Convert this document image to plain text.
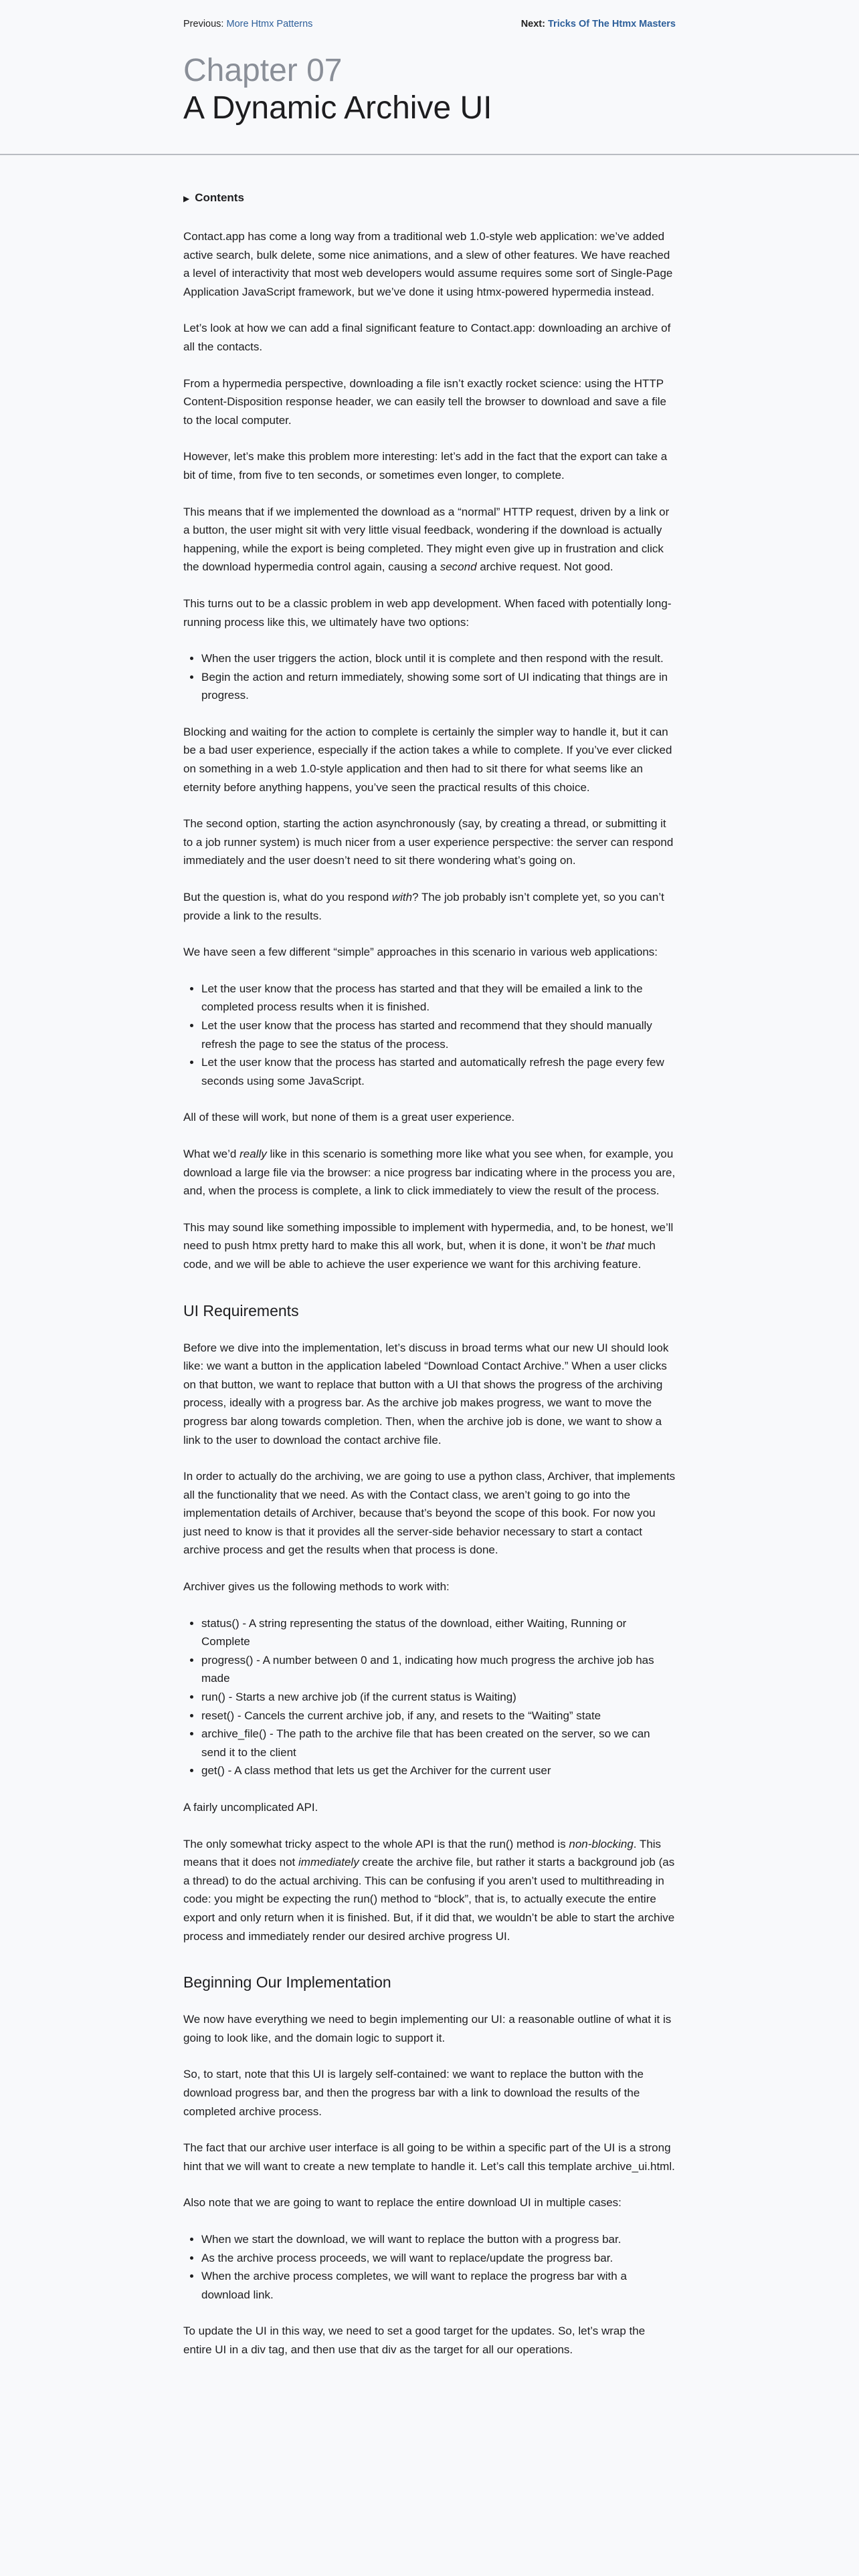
Previous: More Htmx Patterns	Next: Tricks Of The Htmx Masters
Chapter 07
A Dynamic Archive UI
▶ Contents

Contact.app has come a long way from a traditional web 1.0-style web application: we’ve added active search, bulk delete, some nice animations, and a slew of other features. We have reached a level of interactivity that most web developers would assume requires some sort of Single-Page Application JavaScript framework, but we’ve done it using htmx-powered hypermedia instead.

Let’s look at how we can add a final significant feature to Contact.app: downloading an archive of all the contacts.

From a hypermedia perspective, downloading a file isn’t exactly rocket science: using the HTTP Content-Disposition response header, we can easily tell the browser to download and save a file to the local computer.

However, let’s make this problem more interesting: let’s add in the fact that the export can take a bit of time, from five to ten seconds, or sometimes even longer, to complete.

This means that if we implemented the download as a “normal” HTTP request, driven by a link or a button, the user might sit with very little visual feedback, wondering if the download is actually happening, while the export is being completed. They might even give up in frustration and click the download hypermedia control again, causing a second archive request. Not good.

This turns out to be a classic problem in web app development. When faced with potentially long-running process like this, we ultimately have two options:

• When the user triggers the action, block until it is complete and then respond with the result.
• Begin the action and return immediately, showing some sort of UI indicating that things are in progress.

Blocking and waiting for the action to complete is certainly the simpler way to handle it, but it can be a bad user experience, especially if the action takes a while to complete. If you’ve ever clicked on something in a web 1.0-style application and then had to sit there for what seems like an eternity before anything happens, you’ve seen the practical results of this choice.

The second option, starting the action asynchronously (say, by creating a thread, or submitting it to a job runner system) is much nicer from a user experience perspective: the server can respond immediately and the user doesn’t need to sit there wondering what’s going on.

But the question is, what do you respond with? The job probably isn’t complete yet, so you can’t provide a link to the results.

We have seen a few different “simple” approaches in this scenario in various web applications:

• Let the user know that the process has started and that they will be emailed a link to the completed process results when it is finished.
• Let the user know that the process has started and recommend that they should manually refresh the page to see the status of the process.
• Let the user know that the process has started and automatically refresh the page every few seconds using some JavaScript.

All of these will work, but none of them is a great user experience.

What we’d really like in this scenario is something more like what you see when, for example, you download a large file via the browser: a nice progress bar indicating where in the process you are, and, when the process is complete, a link to click immediately to view the result of the process.

This may sound like something impossible to implement with hypermedia, and, to be honest, we’ll need to push htmx pretty hard to make this all work, but, when it is done, it won’t be that much code, and we will be able to achieve the user experience we want for this archiving feature.

UI Requirements

Before we dive into the implementation, let’s discuss in broad terms what our new UI should look like: we want a button in the application labeled “Download Contact Archive.” When a user clicks on that button, we want to replace that button with a UI that shows the progress of the archiving process, ideally with a progress bar. As the archive job makes progress, we want to move the progress bar along towards completion. Then, when the archive job is done, we want to show a link to the user to download the contact archive file.

In order to actually do the archiving, we are going to use a python class, Archiver, that implements all the functionality that we need. As with the Contact class, we aren’t going to go into the implementation details of Archiver, because that’s beyond the scope of this book. For now you just need to know is that it provides all the server-side behavior necessary to start a contact archive process and get the results when that process is done.

Archiver gives us the following methods to work with:

• status() - A string representing the status of the download, either Waiting, Running or Complete
• progress() - A number between 0 and 1, indicating how much progress the archive job has made
• run() - Starts a new archive job (if the current status is Waiting)
• reset() - Cancels the current archive job, if any, and resets to the “Waiting” state
• archive_file() - The path to the archive file that has been created on the server, so we can send it to the client
• get() - A class method that lets us get the Archiver for the current user

A fairly uncomplicated API.

The only somewhat tricky aspect to the whole API is that the run() method is non-blocking. This means that it does not immediately create the archive file, but rather it starts a background job (as a thread) to do the actual archiving. This can be confusing if you aren’t used to multithreading in code: you might be expecting the run() method to “block”, that is, to actually execute the entire export and only return when it is finished. But, if it did that, we wouldn’t be able to start the archive process and immediately render our desired archive progress UI.

Beginning Our Implementation

We now have everything we need to begin implementing our UI: a reasonable outline of what it is going to look like, and the domain logic to support it.

So, to start, note that this UI is largely self-contained: we want to replace the button with the download progress bar, and then the progress bar with a link to download the results of the completed archive process.

The fact that our archive user interface is all going to be within a specific part of the UI is a strong hint that we will want to create a new template to handle it. Let’s call this template archive_ui.html.

Also note that we are going to want to replace the entire download UI in multiple cases:

• When we start the download, we will want to replace the button with a progress bar.
• As the archive process proceeds, we will want to replace/update the progress bar.
• When the archive process completes, we will want to replace the progress bar with a download link.

To update the UI in this way, we need to set a good target for the updates. So, let’s wrap the entire UI in a div tag, and then use that div as the target for all our operations.
